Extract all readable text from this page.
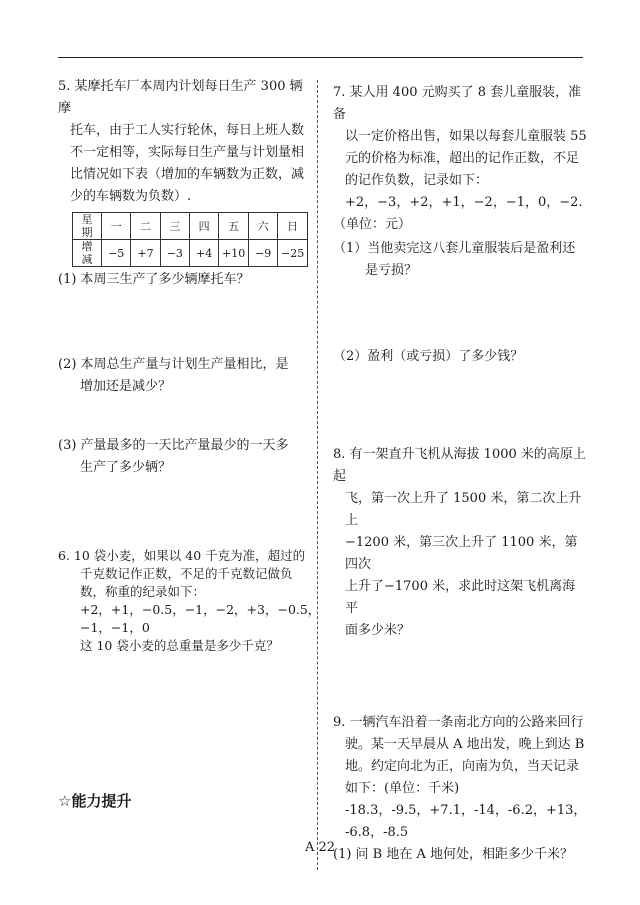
5. 某摩托车厂本周内计划每日生产 300 辆摩

托车，由于工人实行轮休，每日上班人数

不一定相等，实际每日生产量与计划量相

比情况如下表（增加的车辆数为正数，减

少的车辆数为负数）.

星
期	一	二	三	四	五	六	日
增
减	−5	+7	−3	+4	+10	−9	−25

(1) 本周三生产了多少辆摩托车？

(2) 本周总生产量与计划生产量相比，是

增加还是减少？

(3) 产量最多的一天比产量最少的一天多

生产了多少辆？

6. 10 袋小麦，如果以 40 千克为准，超过的

千克数记作正数，不足的千克数记做负

数，称重的纪录如下：

+2，+1，−0.5，−1，−2，+3，−0.5，

−1，−1，0

这 10 袋小麦的总重量是多少千克？

☆能力提升

7. 某人用 400 元购买了 8 套儿童服装，准备

以一定价格出售，如果以每套儿童服装 55

元的价格为标准，超出的记作正数，不足

的记作负数，记录如下：

+2，−3，+2，+1，−2，−1，0，−2.

（单位：元）

（1）当他卖完这八套儿童服装后是盈利还

是亏损？

（2）盈利（或亏损）了多少钱？

8. 有一架直升飞机从海拔 1000 米的高原上起

飞，第一次上升了 1500 米，第二次上升上

−1200 米，第三次上升了 1100 米，第四次

上升了−1700 米，求此时这架飞机离海平

面多少米？

9. 一辆汽车沿着一条南北方向的公路来回行

驶。某一天早晨从 A 地出发，晚上到达 B

地。约定向北为正，向南为负，当天记录

如下：(单位：千米)

-18.3，-9.5，+7.1，-14，-6.2，+13，

-6.8，-8.5

(1) 问 B 地在 A 地何处，相距多少千米？

A 22
